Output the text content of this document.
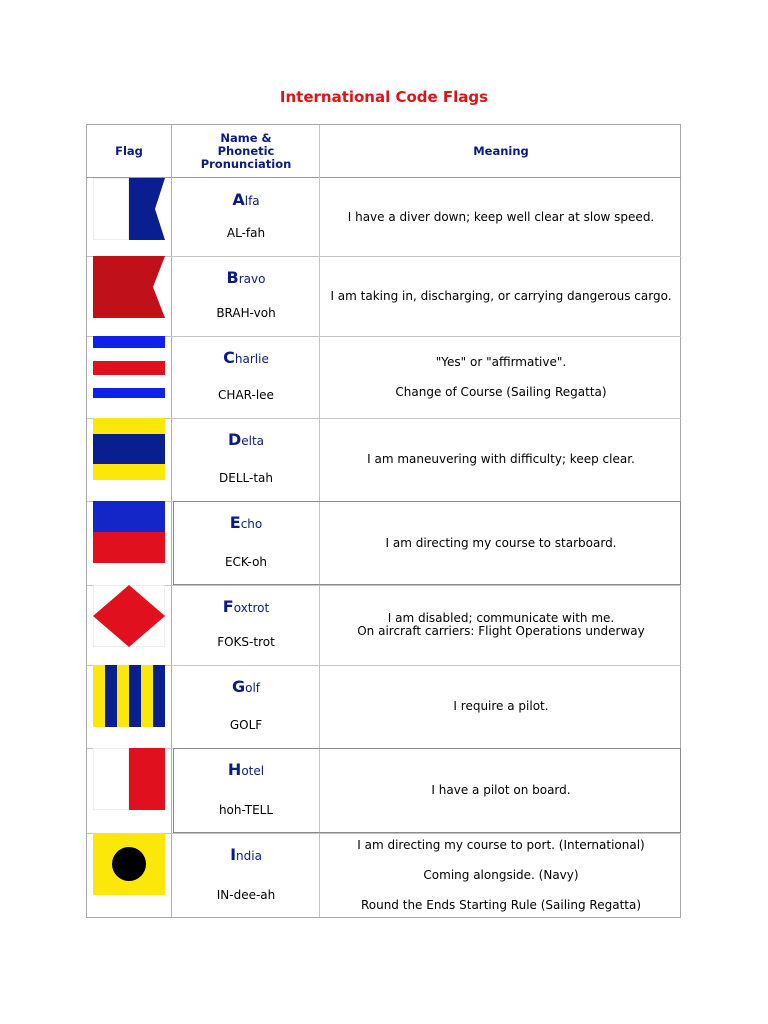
International Code Flags
Flag
Name &
Phonetic
Pronunciation
Meaning
Alfa
AL-fah

I have a diver down; keep well clear at slow speed.

Bravo
BRAH-voh

I am taking in, discharging, or carrying dangerous cargo.

Charlie
CHAR-lee

"Yes" or "affirmative".

Change of Course (Sailing Regatta)

Delta
DELL-tah

I am maneuvering with difficulty; keep clear.

Echo
ECK-oh

I am directing my course to starboard.

Foxtrot
FOKS-trot

I am disabled; communicate with me.

On aircraft carriers: Flight Operations underway

Golf
GOLF

I require a pilot.

Hotel
hoh-TELL

I have a pilot on board.

India
IN-dee-ah

I am directing my course to port. (International)

Coming alongside. (Navy)

Round the Ends Starting Rule (Sailing Regatta)
